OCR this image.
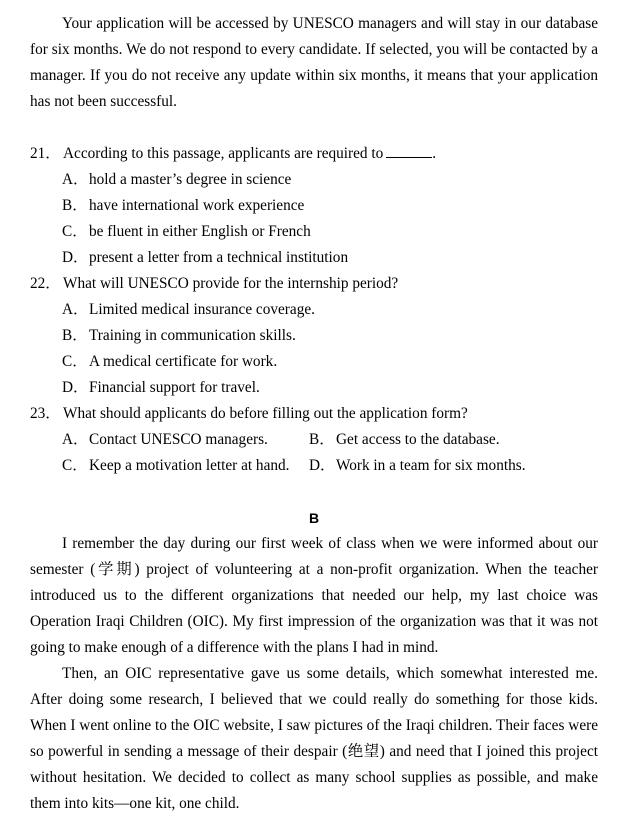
Your application will be accessed by UNESCO managers and will stay in our database for six months. We do not respond to every candidate. If selected, you will be contacted by a manager. If you do not receive any update within six months, it means that your application has not been successful.

21． According to this passage, applicants are required to	.

A．hold a master’s degree in science

B．have international work experience

C．be fluent in either English or French

D．present a letter from a technical institution

22． What will UNESCO provide for the internship period?

A．Limited medical insurance coverage.

B．Training in communication skills.

C．A medical certificate for work.

D．Financial support for travel.

23． What should applicants do before filling out the application form?

A．Contact UNESCO managers.	B．Get access to the database.
C．Keep a motivation letter at hand.	D．Work in a team for six months.

B

I remember the day during our first week of class when we were informed about our semester (学期) project of volunteering at a non-profit organization. When the teacher introduced us to the different organizations that needed our help, my last choice was Operation Iraqi Children (OIC). My first impression of the organization was that it was not going to make enough of a difference with the plans I had in mind.

Then, an OIC representative gave us some details, which somewhat interested me. After doing some research, I believed that we could really do something for those kids. When I went online to the OIC website, I saw pictures of the Iraqi children. Their faces were so powerful in sending a message of their despair (绝望) and need that I joined this project without hesitation. We decided to collect as many school supplies as possible, and make them into kits—one kit, one child.
